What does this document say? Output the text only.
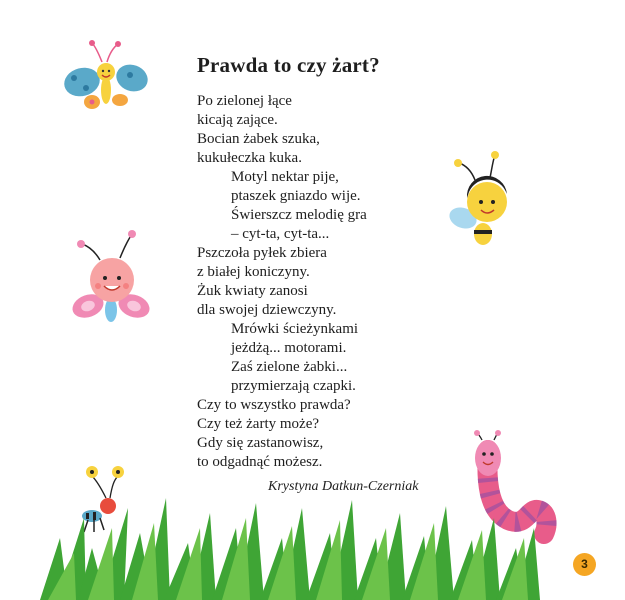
Prawda to czy żart?
Po zielonej łące
kicają zające.
Bocian żabek szuka,
kukułeczka kuka.
Motyl nektar pije,
ptaszek gniazdo wije.
Świerszcz melodię gra
– cyt-ta, cyt-ta...
Pszczoła pyłek zbiera
z białej koniczyny.
Żuk kwiaty zanosi
dla swojej dziewczyny.
Mrówki ścieżynkami
jeżdżą... motorami.
Zaś zielone żabki...
przymierzają czapki.
Czy to wszystko prawda?
Czy też żarty może?
Gdy się zastanowisz,
to odgadnąć możesz.
Krystyna Datkun-Czerniak
3
